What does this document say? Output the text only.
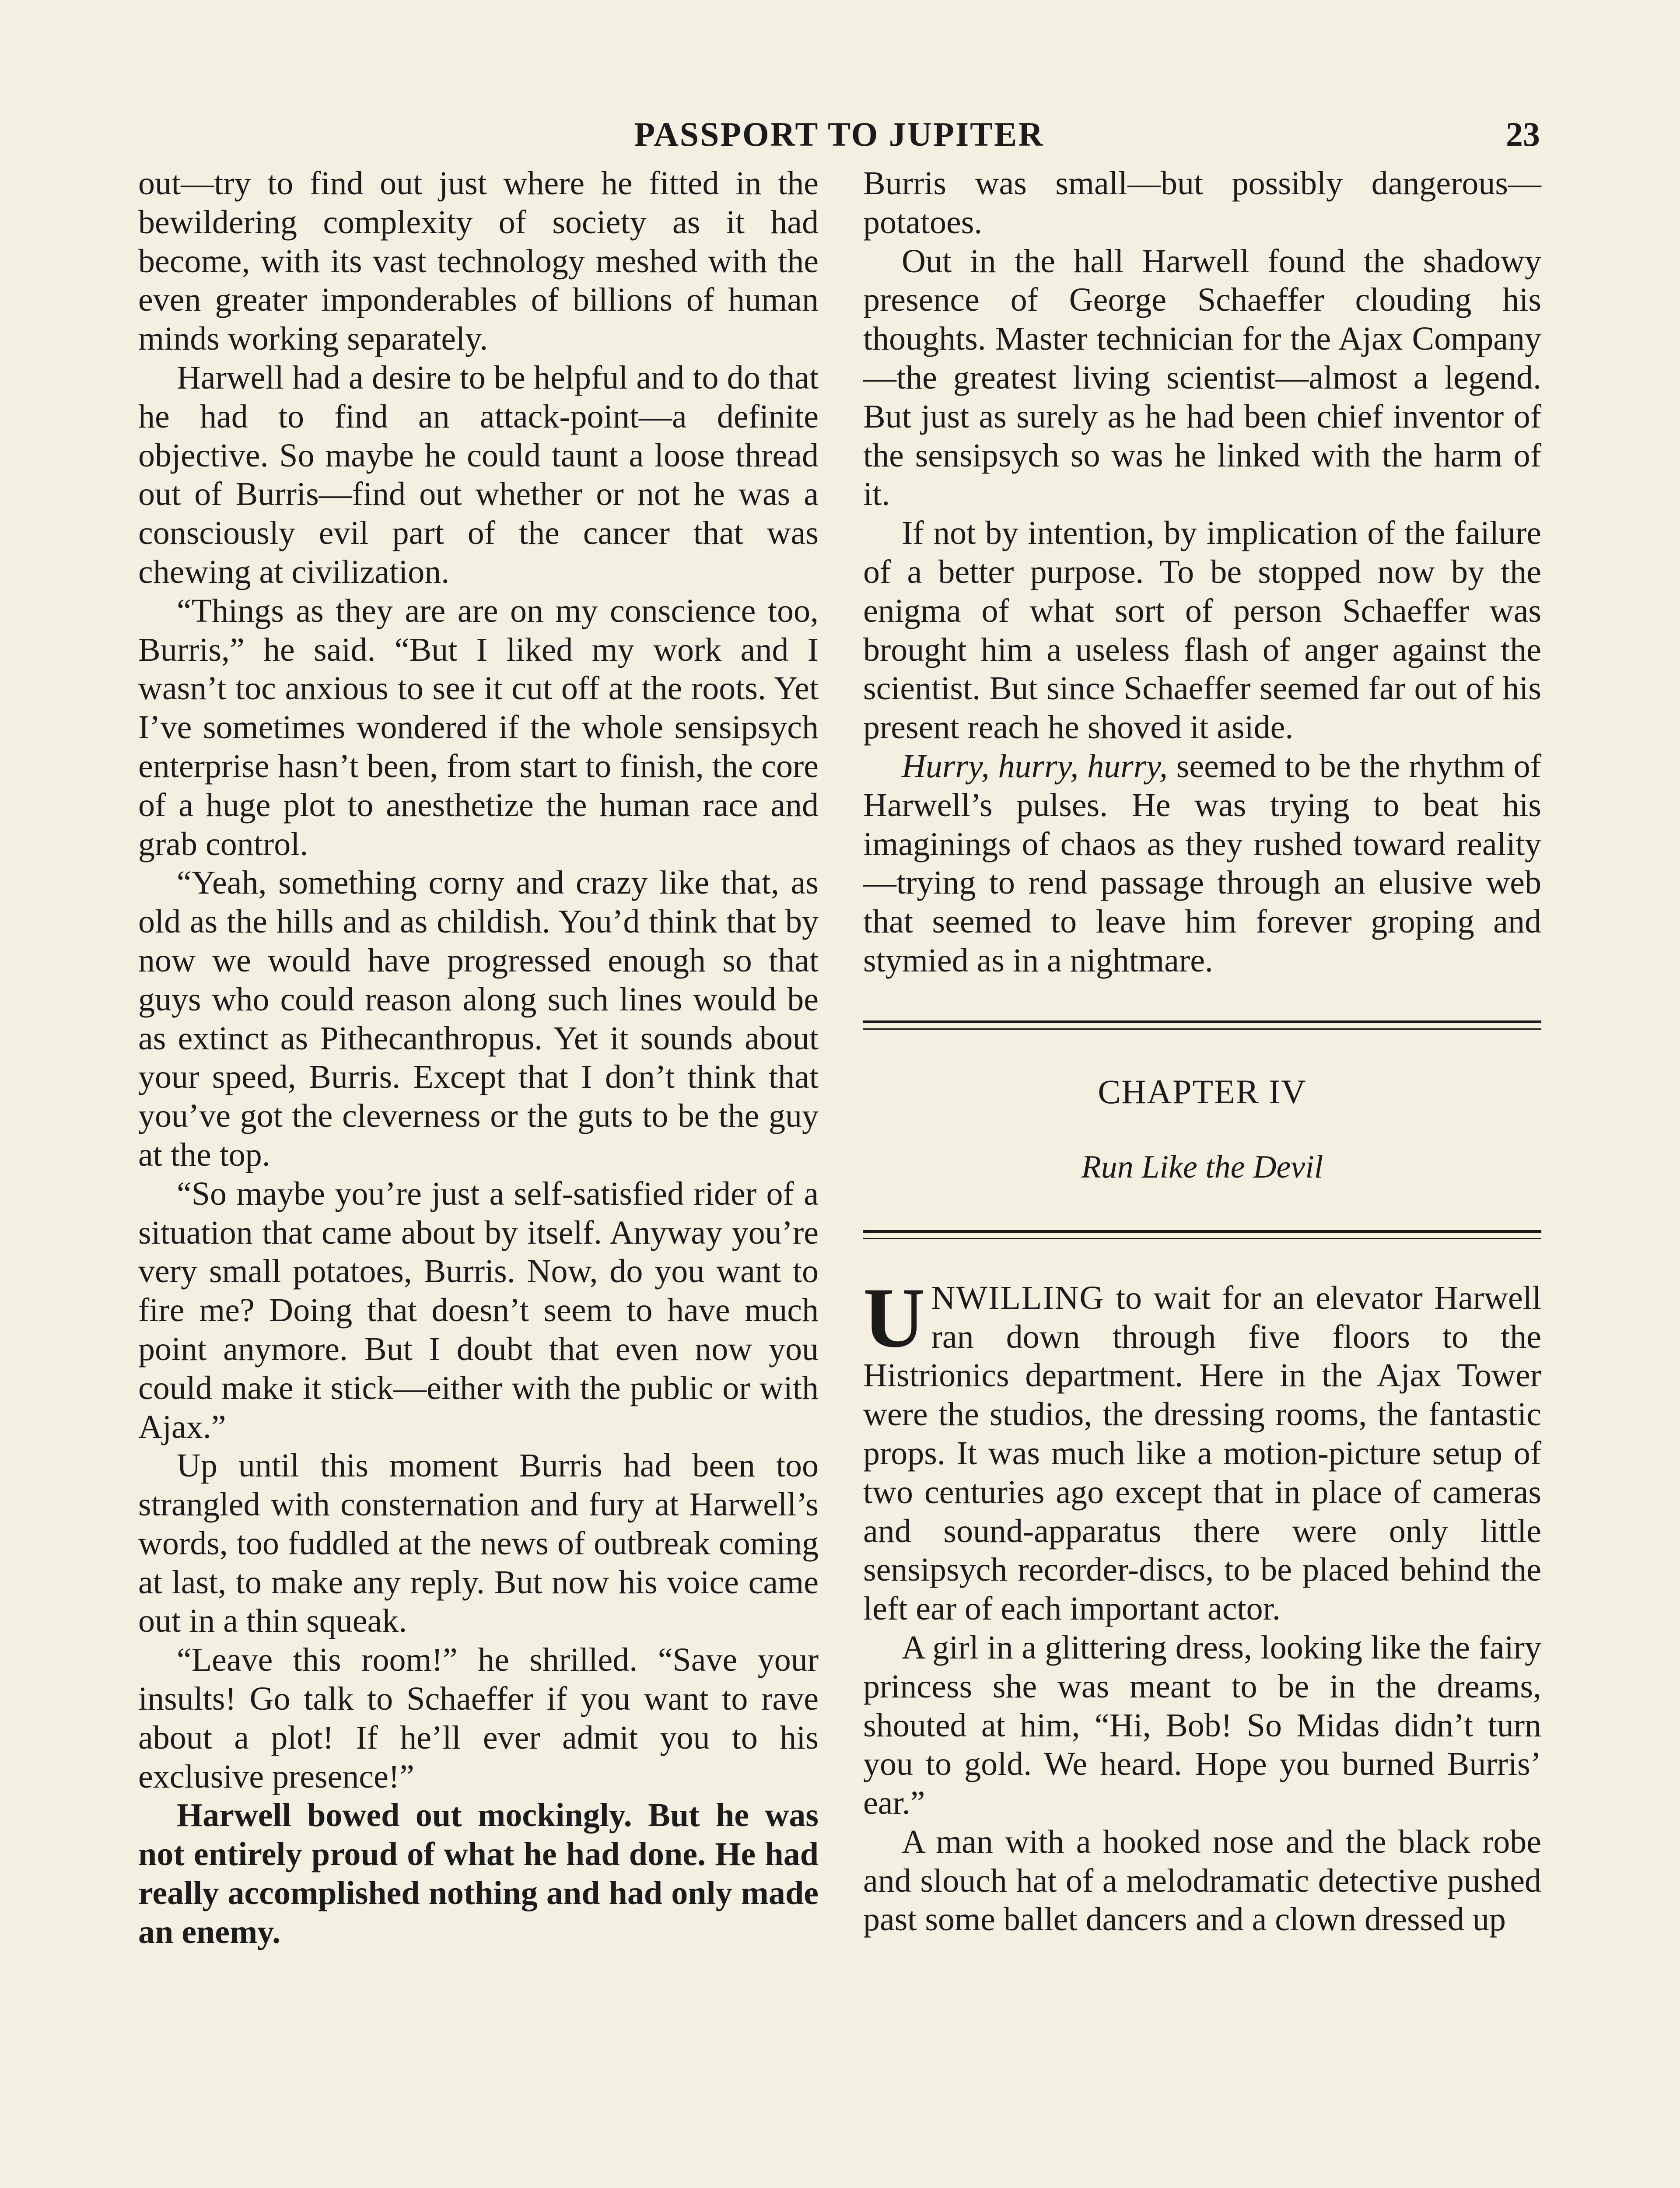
PASSPORT TO JUPITER	23

out—try to find out just where he fitted in the bewildering complexity of society as it had become, with its vast technology meshed with the even greater imponderables of billions of human minds working separately.

Harwell had a desire to be helpful and to do that he had to find an attack-point—a definite objective. So maybe he could taunt a loose thread out of Burris—find out whether or not he was a consciously evil part of the cancer that was chewing at civilization.

“Things as they are are on my conscience too, Burris,” he said. “But I liked my work and I wasn’t toc anxious to see it cut off at the roots. Yet I’ve sometimes wondered if the whole sensipsych enterprise hasn’t been, from start to finish, the core of a huge plot to anesthetize the human race and grab control.

“Yeah, something corny and crazy like that, as old as the hills and as childish. You’d think that by now we would have progressed enough so that guys who could reason along such lines would be as extinct as Pithecanthropus. Yet it sounds about your speed, Burris. Except that I don’t think that you’ve got the cleverness or the guts to be the guy at the top.

“So maybe you’re just a self-satisfied rider of a situation that came about by itself. Anyway you’re very small potatoes, Burris. Now, do you want to fire me? Doing that doesn’t seem to have much point anymore. But I doubt that even now you could make it stick—either with the public or with Ajax.”

Up until this moment Burris had been too strangled with consternation and fury at Harwell’s words, too fuddled at the news of outbreak coming at last, to make any reply. But now his voice came out in a thin squeak.

“Leave this room!” he shrilled. “Save your insults! Go talk to Schaeffer if you want to rave about a plot! If he’ll ever admit you to his exclusive presence!”

Harwell bowed out mockingly. But he was not entirely proud of what he had done. He had really accomplished nothing and had only made an enemy.

Burris was small—but possibly dangerous—potatoes.

Out in the hall Harwell found the shadowy presence of George Schaeffer clouding his thoughts. Master technician for the Ajax Company—the greatest living scientist—almost a legend. But just as surely as he had been chief inventor of the sensipsych so was he linked with the harm of it.

If not by intention, by implication of the failure of a better purpose. To be stopped now by the enigma of what sort of person Schaeffer was brought him a useless flash of anger against the scientist. But since Schaeffer seemed far out of his present reach he shoved it aside.

Hurry, hurry, hurry, seemed to be the rhythm of Harwell’s pulses. He was trying to beat his imaginings of chaos as they rushed toward reality—trying to rend passage through an elusive web that seemed to leave him forever groping and stymied as in a nightmare.

CHAPTER IV
Run Like the Devil

UNWILLING to wait for an elevator Harwell ran down through five floors to the Histrionics department. Here in the Ajax Tower were the studios, the dressing rooms, the fantastic props. It was much like a motion-picture setup of two centuries ago except that in place of cameras and sound-apparatus there were only little sensipsych recorder-discs, to be placed behind the left ear of each important actor.

A girl in a glittering dress, looking like the fairy princess she was meant to be in the dreams, shouted at him, “Hi, Bob! So Midas didn’t turn you to gold. We heard. Hope you burned Burris’ ear.”

A man with a hooked nose and the black robe and slouch hat of a melodramatic detective pushed past some ballet dancers and a clown dressed up
